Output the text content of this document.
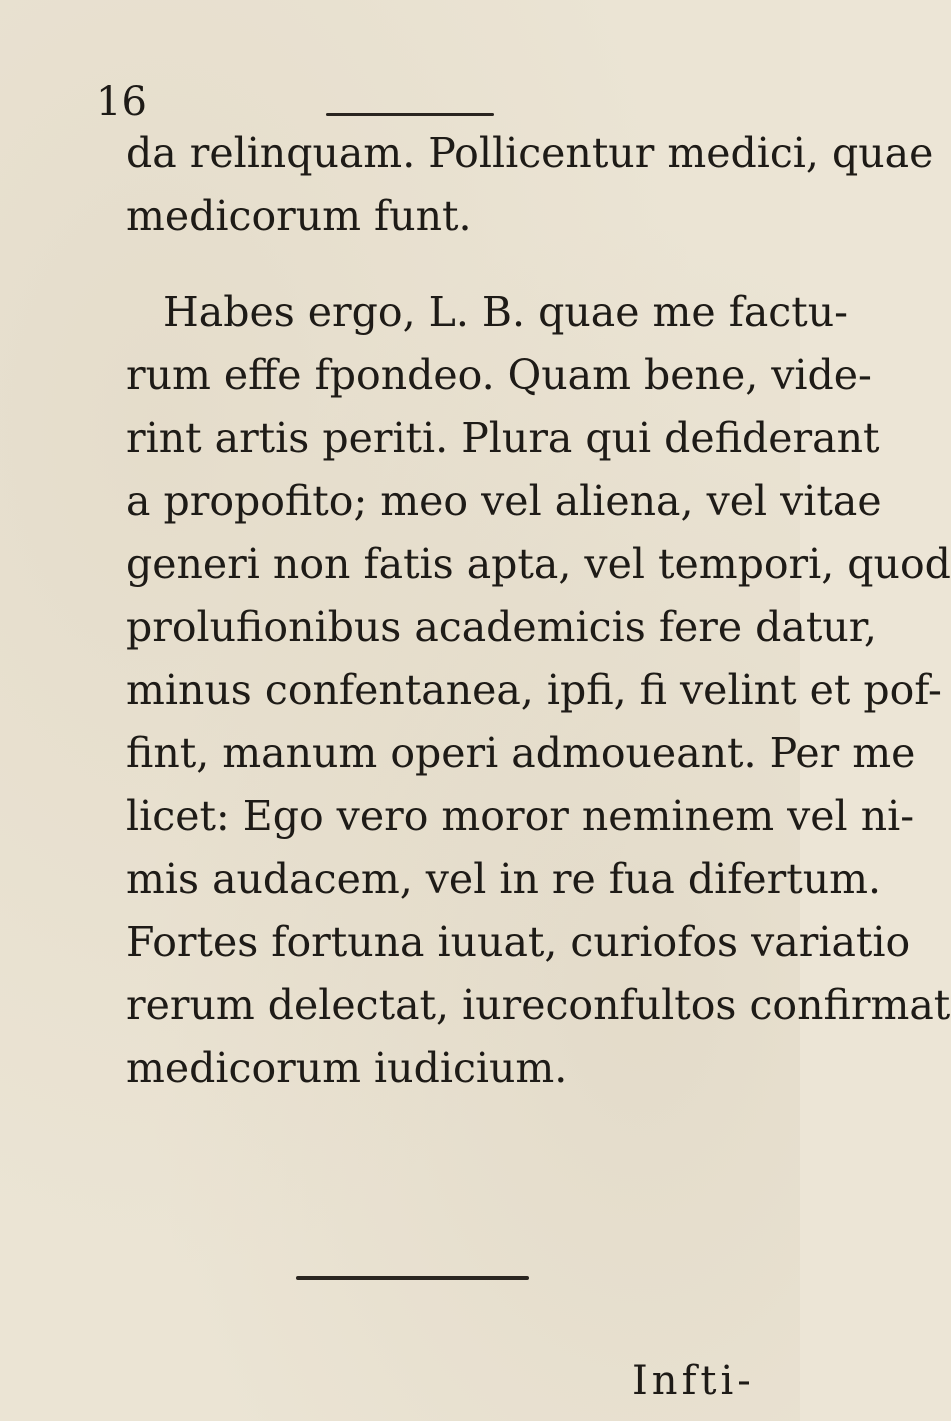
16
da relinquam. Pollicentur medici, quae
medicorum funt.
Habes ergo, L. B. quae me factu-
rum effe fpondeo. Quam bene, vide-
rint artis periti. Plura qui defiderant
a propofito; meo vel aliena, vel vitae
generi non fatis apta, vel tempori, quod
prolufionibus academicis fere datur,
minus confentanea, ipfi, fi velint et pof-
fint, manum operi admoueant. Per me
licet: Ego vero moror neminem vel ni-
mis audacem, vel in re fua difertum.
Fortes fortuna iuuat, curiofos variatio
rerum delectat, iureconfultos confirmat
medicorum iudicium.
Infti-
